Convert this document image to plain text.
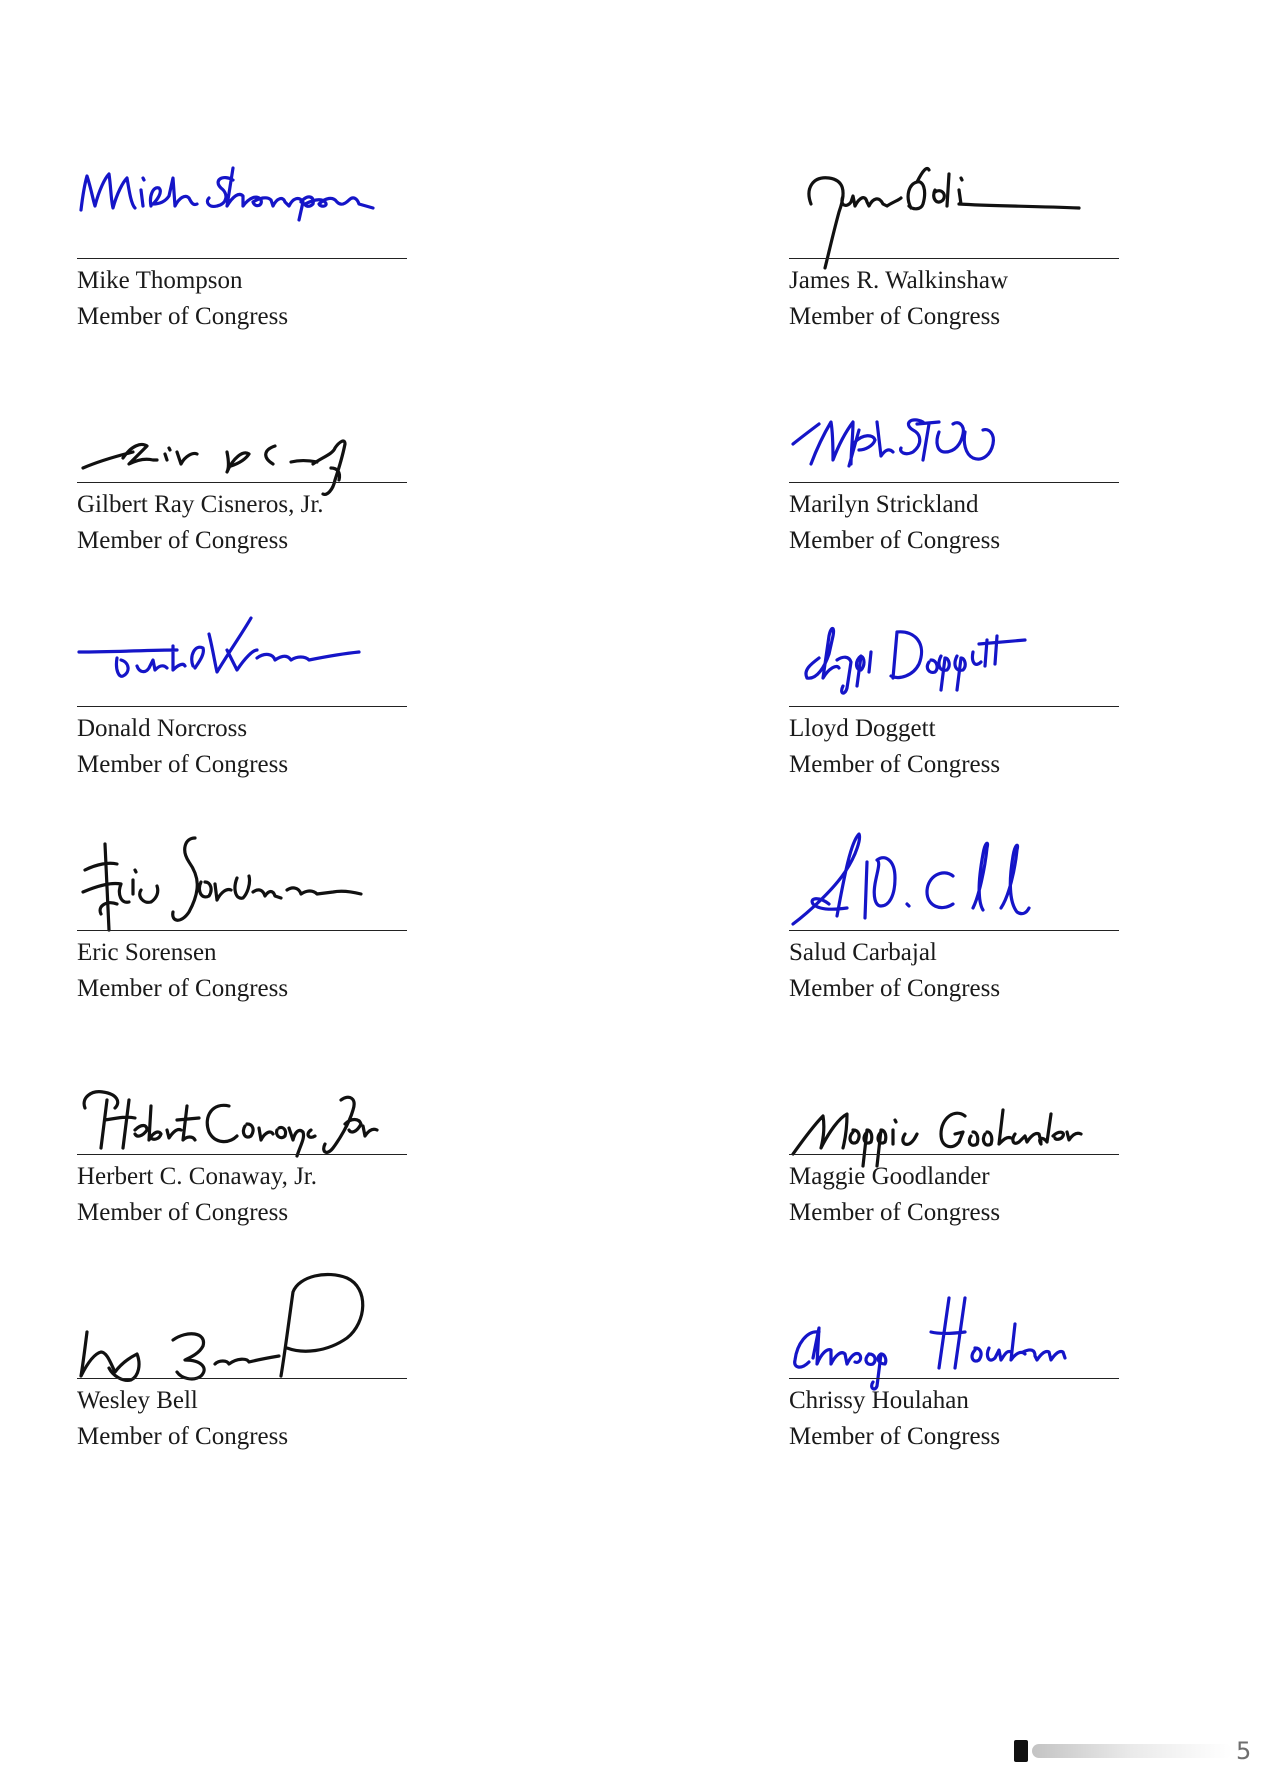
Mike Thompson
Member of Congress
James R. Walkinshaw
Member of Congress
Gilbert Ray Cisneros, Jr.
Member of Congress
Marilyn Strickland
Member of Congress
Donald Norcross
Member of Congress
Lloyd Doggett
Member of Congress
Eric Sorensen
Member of Congress
Salud Carbajal
Member of Congress
Herbert C. Conaway, Jr.
Member of Congress
Maggie Goodlander
Member of Congress
Wesley Bell
Member of Congress
Chrissy Houlahan
Member of Congress
5
